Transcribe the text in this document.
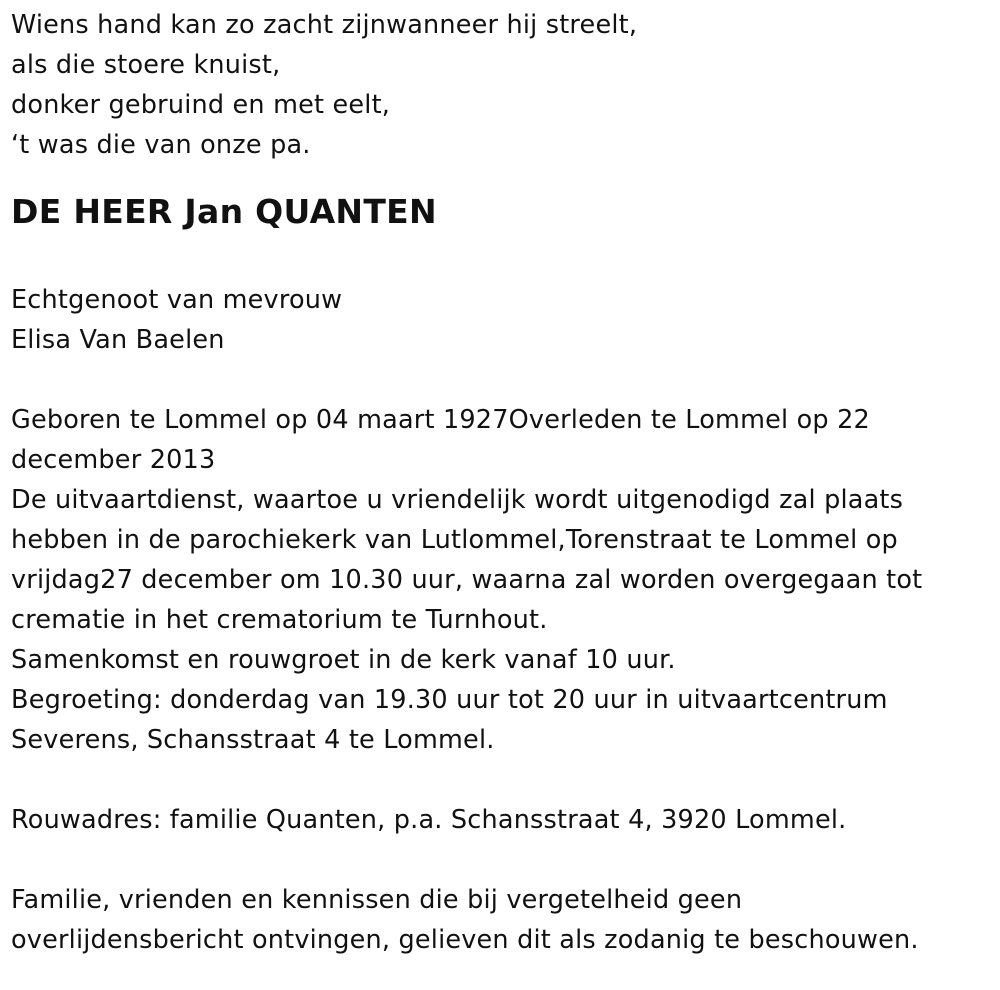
Wiens hand kan zo zacht zijnwanneer hij streelt,
als die stoere knuist,
donker gebruind en met eelt,
‘t was die van onze pa.
DE HEER Jan QUANTEN
Echtgenoot van mevrouw
Elisa Van Baelen
Geboren te Lommel op 04 maart 1927Overleden te Lommel op 22
december 2013
De uitvaartdienst, waartoe u vriendelijk wordt uitgenodigd zal plaats
hebben in de parochiekerk van Lutlommel,Torenstraat te Lommel op
vrijdag27 december om 10.30 uur, waarna zal worden overgegaan tot
crematie in het crematorium te Turnhout.
Samenkomst en rouwgroet in de kerk vanaf 10 uur.
Begroeting: donderdag van 19.30 uur tot 20 uur in uitvaartcentrum
Severens, Schansstraat 4 te Lommel.
Rouwadres: familie Quanten, p.a. Schansstraat 4, 3920 Lommel.
Familie, vrienden en kennissen die bij vergetelheid geen
overlijdensbericht ontvingen, gelieven dit als zodanig te beschouwen.
